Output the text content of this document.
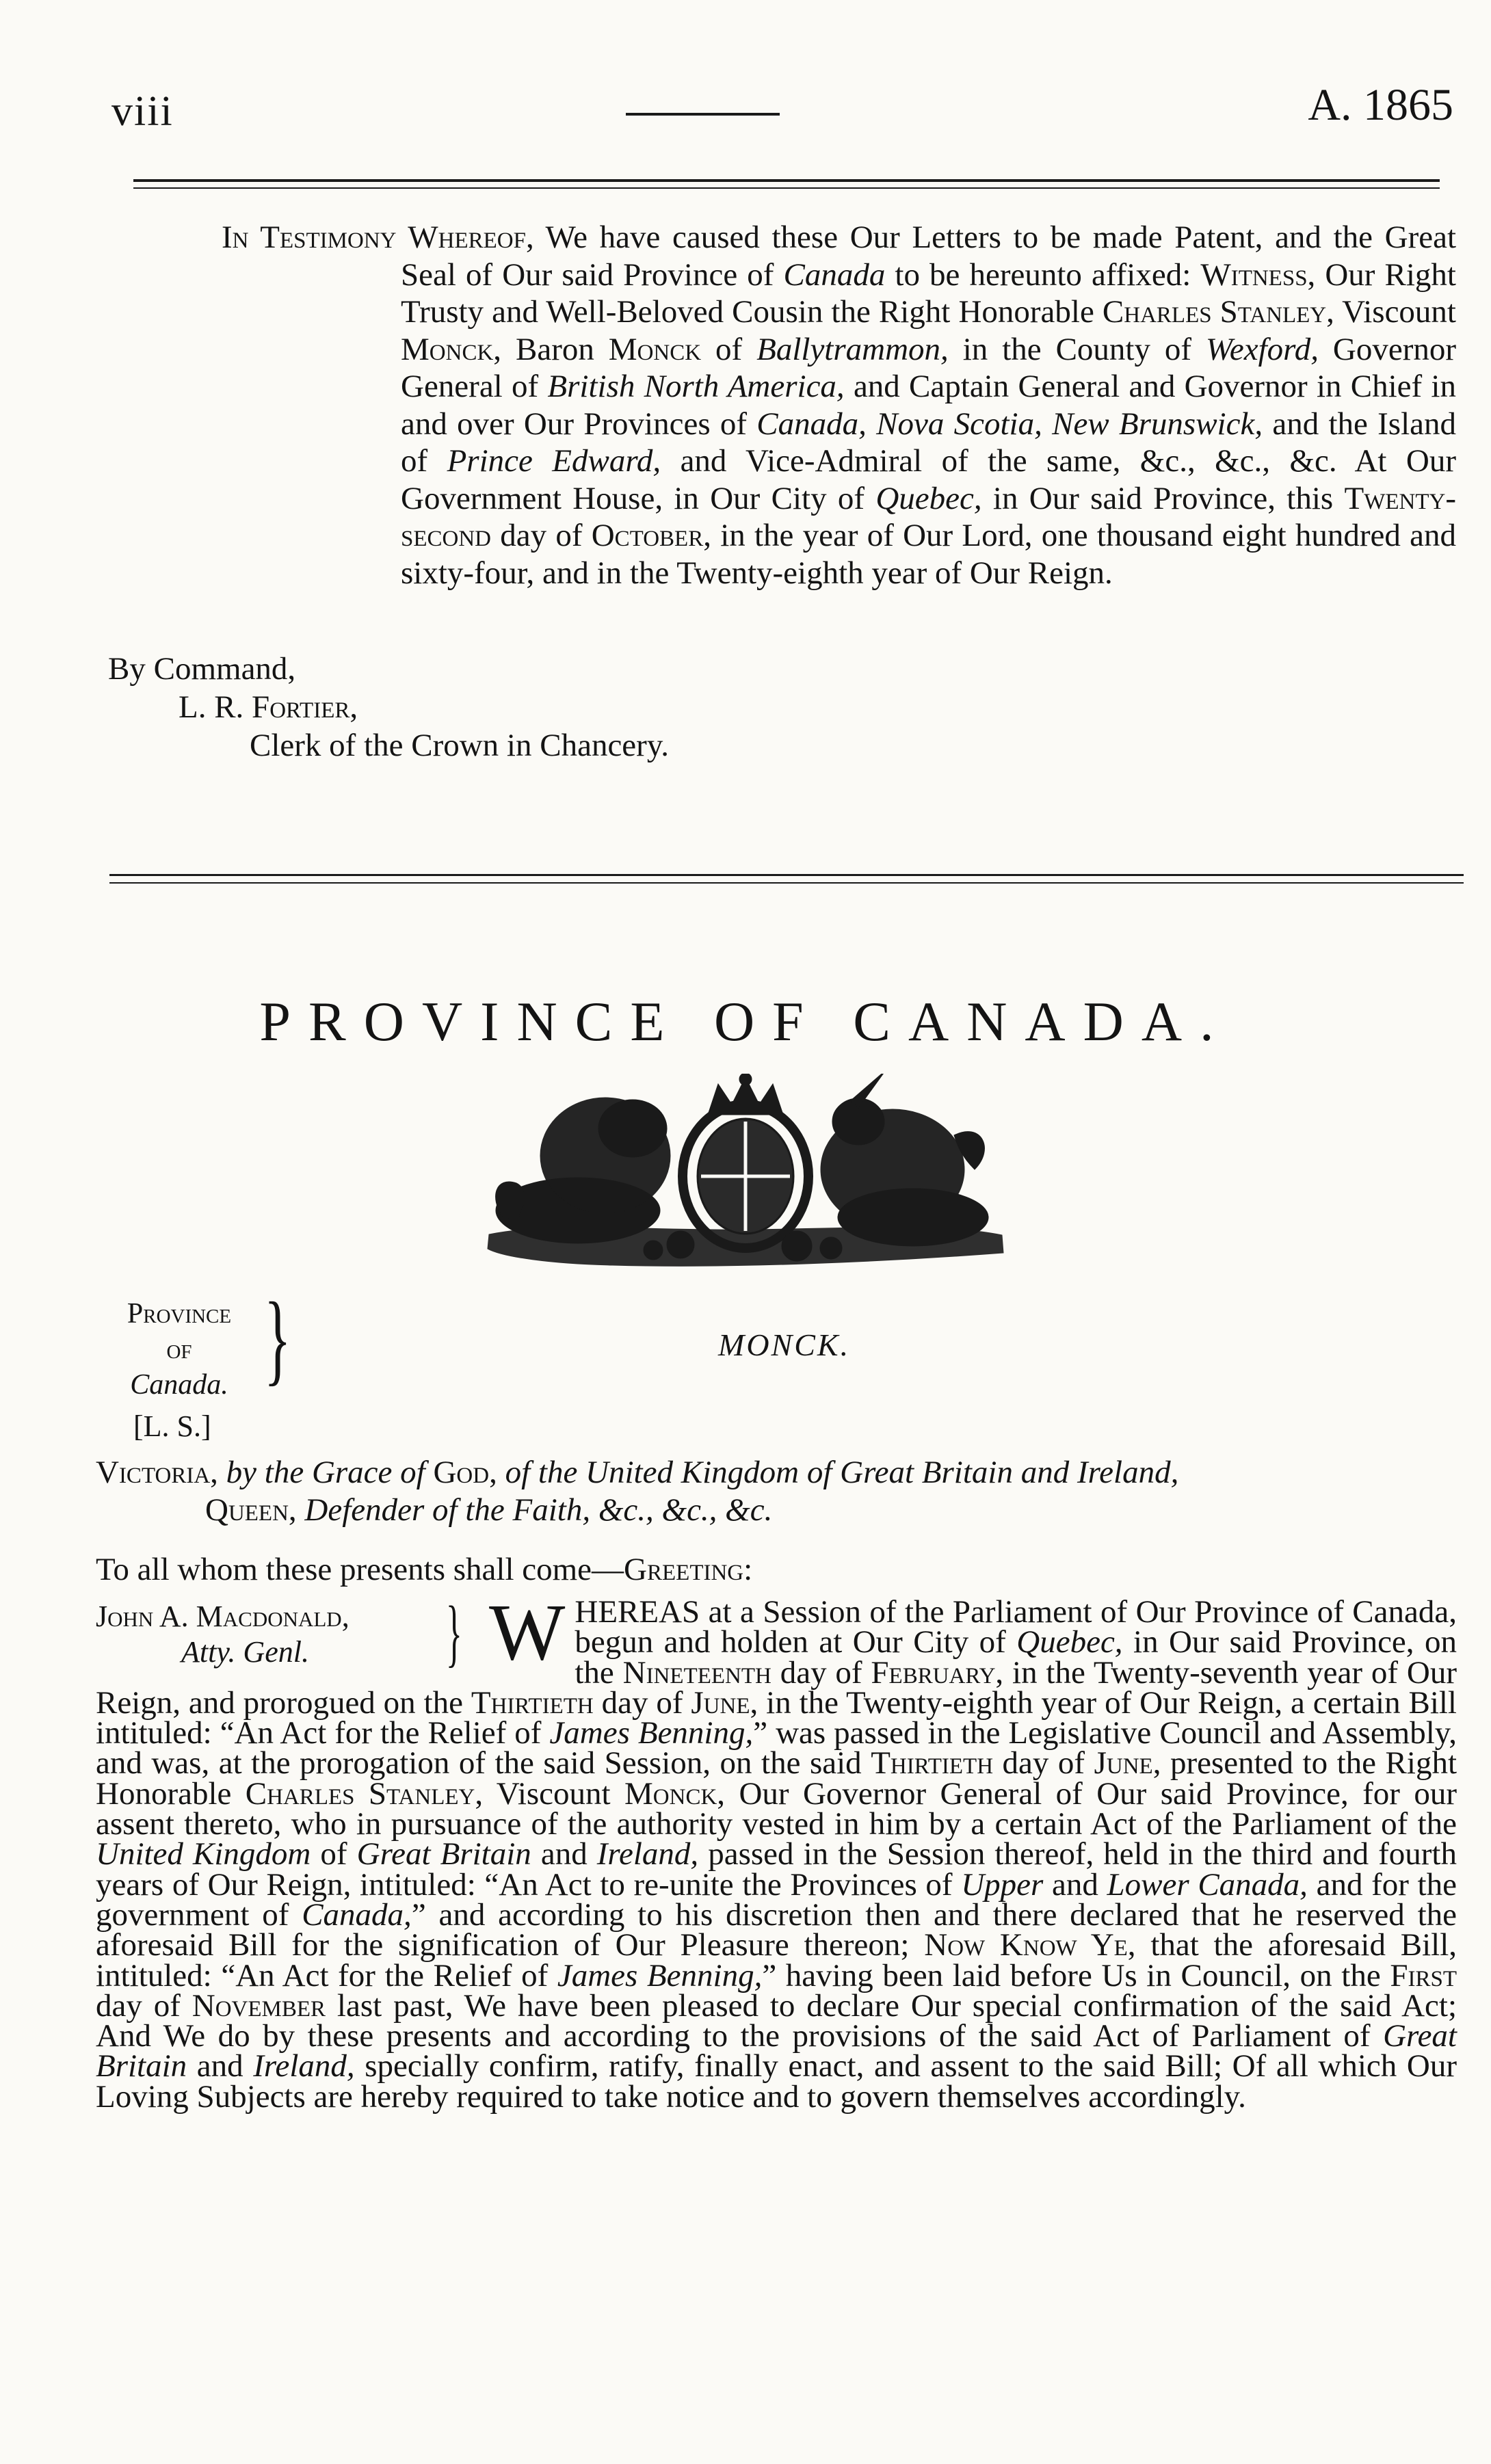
viii	A. 1865
In Testimony Whereof, We have caused these Our Letters to be made Patent, and the Great Seal of Our said Province of Canada to be hereunto affixed: Witness, Our Right Trusty and Well-Beloved Cousin the Right Honorable Charles Stanley, Viscount Monck, Baron Monck of Ballytrammon, in the County of Wexford, Governor General of British North America, and Captain General and Governor in Chief in and over Our Provinces of Canada, Nova Scotia, New Brunswick, and the Island of Prince Edward, and Vice-Admiral of the same, &c., &c., &c. At Our Government House, in Our City of Quebec, in Our said Province, this Twenty-second day of October, in the year of Our Lord, one thousand eight hundred and sixty-four, and in the Twenty-eighth year of Our Reign.
By Command,
L. R. Fortier,
Clerk of the Crown in Chancery.
PROVINCE OF CANADA.
Province
of
Canada. }
[L. S.]
MONCK.
Victoria, by the Grace of God, of the United Kingdom of Great Britain and Ireland,
Queen, Defender of the Faith, &c., &c., &c.
To all whom these presents shall come—Greeting:
John A. Macdonald,
Atty. Genl.	} WHEREAS at a Session of the Parliament of Our Province of Canada, begun and holden at Our City of Quebec, in Our said Province, on the Nineteenth day of February, in the Twenty-seventh year of Our Reign, and prorogued on the Thirtieth day of June, in the Twenty-eighth year of Our Reign, a certain Bill intituled: “An Act for the Relief of James Benning,” was passed in the Legislative Council and Assembly, and was, at the prorogation of the said Session, on the said Thirtieth day of June, presented to the Right Honorable Charles Stanley, Viscount Monck, Our Governor General of Our said Province, for our assent thereto, who in pursuance of the authority vested in him by a certain Act of the Parliament of the United Kingdom of Great Britain and Ireland, passed in the Session thereof, held in the third and fourth years of Our Reign, intituled: “An Act to re-unite the Provinces of Upper and Lower Canada, and for the government of Canada,” and according to his discretion then and there declared that he reserved the aforesaid Bill for the signification of Our Pleasure thereon; Now Know Ye, that the aforesaid Bill, intituled: “An Act for the Relief of James Benning,” having been laid before Us in Council, on the First day of November last past, We have been pleased to declare Our special confirmation of the said Act; And We do by these presents and according to the provisions of the said Act of Parliament of Great Britain and Ireland, specially confirm, ratify, finally enact, and assent to the said Bill; Of all which Our Loving Subjects are hereby required to take notice and to govern themselves accordingly.
